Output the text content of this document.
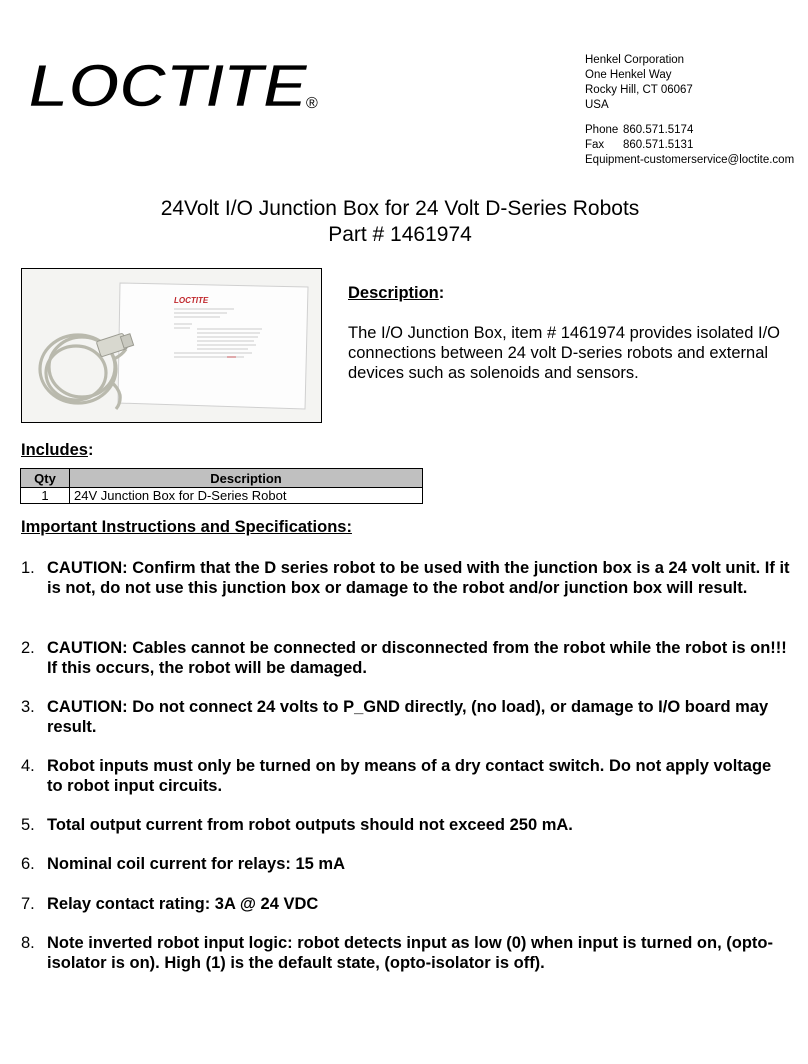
LOCTITE
®
Henkel Corporation
One Henkel Way
Rocky Hill, CT 06067
USA
Phone 860.571.5174
Fax 860.571.5131
Equipment-customerservice@loctite.com
24Volt I/O Junction Box for 24 Volt D-Series Robots
Part # 1461974
LOCTITE	Description:
The I/O Junction Box, item # 1461974 provides isolated I/O connections between 24 volt D-series robots and external devices such as solenoids and sensors.
Includes:
Qty	Description
1	24V Junction Box for D-Series Robot
Important Instructions and Specifications:
1. CAUTION: Confirm that the D series robot to be used with the junction box is a 24 volt unit. If it is not, do not use this junction box or damage to the robot and/or junction box will result.
2. CAUTION: Cables cannot be connected or disconnected from the robot while the robot is on!!! If this occurs, the robot will be damaged.
3. CAUTION: Do not connect 24 volts to P_GND directly, (no load), or damage to I/O board may result.
4. Robot inputs must only be turned on by means of a dry contact switch. Do not apply voltage to robot input circuits.
5. Total output current from robot outputs should not exceed 250 mA.
6. Nominal coil current for relays: 15 mA
7. Relay contact rating: 3A @ 24 VDC
8. Note inverted robot input logic: robot detects input as low (0) when input is turned on, (opto-isolator is on). High (1) is the default state, (opto-isolator is off).
